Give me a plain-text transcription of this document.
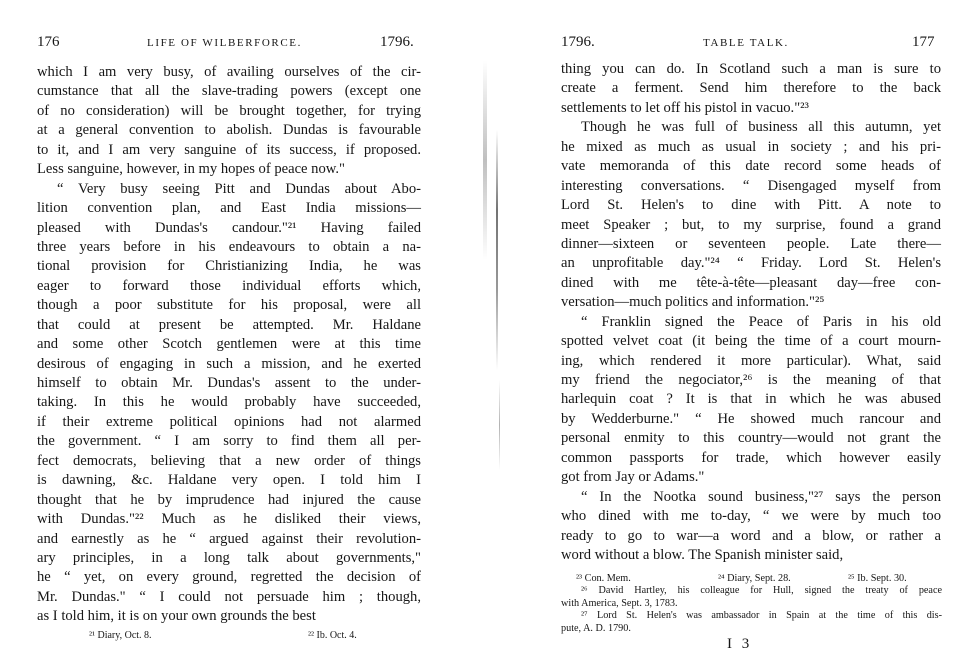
176	LIFE OF WILBERFORCE.	1796.
which I am very busy, of availing ourselves of the cir-
cumstance that all the slave-trading powers (except one
of no consideration) will be brought together, for trying
at a general convention to abolish. Dundas is favourable
to it, and I am very sanguine of its success, if proposed.
Less sanguine, however, in my hopes of peace now."
“ Very busy seeing Pitt and Dundas about Abo-
lition convention plan, and East India missions—
pleased with Dundas's candour."²¹ Having failed
three years before in his endeavours to obtain a na-
tional provision for Christianizing India, he was
eager to forward those individual efforts which,
though a poor substitute for his proposal, were all
that could at present be attempted. Mr. Haldane
and some other Scotch gentlemen were at this time
desirous of engaging in such a mission, and he exerted
himself to obtain Mr. Dundas's assent to the under-
taking. In this he would probably have succeeded,
if their extreme political opinions had not alarmed
the government. “ I am sorry to find them all per-
fect democrats, believing that a new order of things
is dawning, &c. Haldane very open. I told him I
thought that he by imprudence had injured the cause
with Dundas."²² Much as he disliked their views,
and earnestly as he “ argued against their revolution-
ary principles, in a long talk about governments,"
he “ yet, on every ground, regretted the decision of
Mr. Dundas." “ I could not persuade him ; though,
as I told him, it is on your own grounds the best
²¹ Diary, Oct. 8.	²² Ib. Oct. 4.
1796.	TABLE TALK.	177
thing you can do. In Scotland such a man is sure to
create a ferment. Send him therefore to the back
settlements to let off his pistol in vacuo."²³
Though he was full of business all this autumn, yet
he mixed as much as usual in society ; and his pri-
vate memoranda of this date record some heads of
interesting conversations. “ Disengaged myself from
Lord St. Helen's to dine with Pitt. A note to
meet Speaker ; but, to my surprise, found a grand
dinner—sixteen or seventeen people. Late there—
an unprofitable day."²⁴ “ Friday. Lord St. Helen's
dined with me tête-à-tête—pleasant day—free con-
versation—much politics and information."²⁵
“ Franklin signed the Peace of Paris in his old
spotted velvet coat (it being the time of a court mourn-
ing, which rendered it more particular). What, said
my friend the negociator,²⁶ is the meaning of that
harlequin coat ? It is that in which he was abused
by Wedderburne." “ He showed much rancour and
personal enmity to this country—would not grant the
common passports for trade, which however easily
got from Jay or Adams."
“ In the Nootka sound business,"²⁷ says the person
who dined with me to-day, “ we were by much too
ready to go to war—a word and a blow, or rather a
word without a blow. The Spanish minister said,
²³ Con. Mem.	²⁴ Diary, Sept. 28.	²⁵ Ib. Sept. 30.
²⁶ David Hartley, his colleague for Hull, signed the treaty of peace
with America, Sept. 3, 1783.
²⁷ Lord St. Helen's was ambassador in Spain at the time of this dis-
pute, A. D. 1790.
I 3
